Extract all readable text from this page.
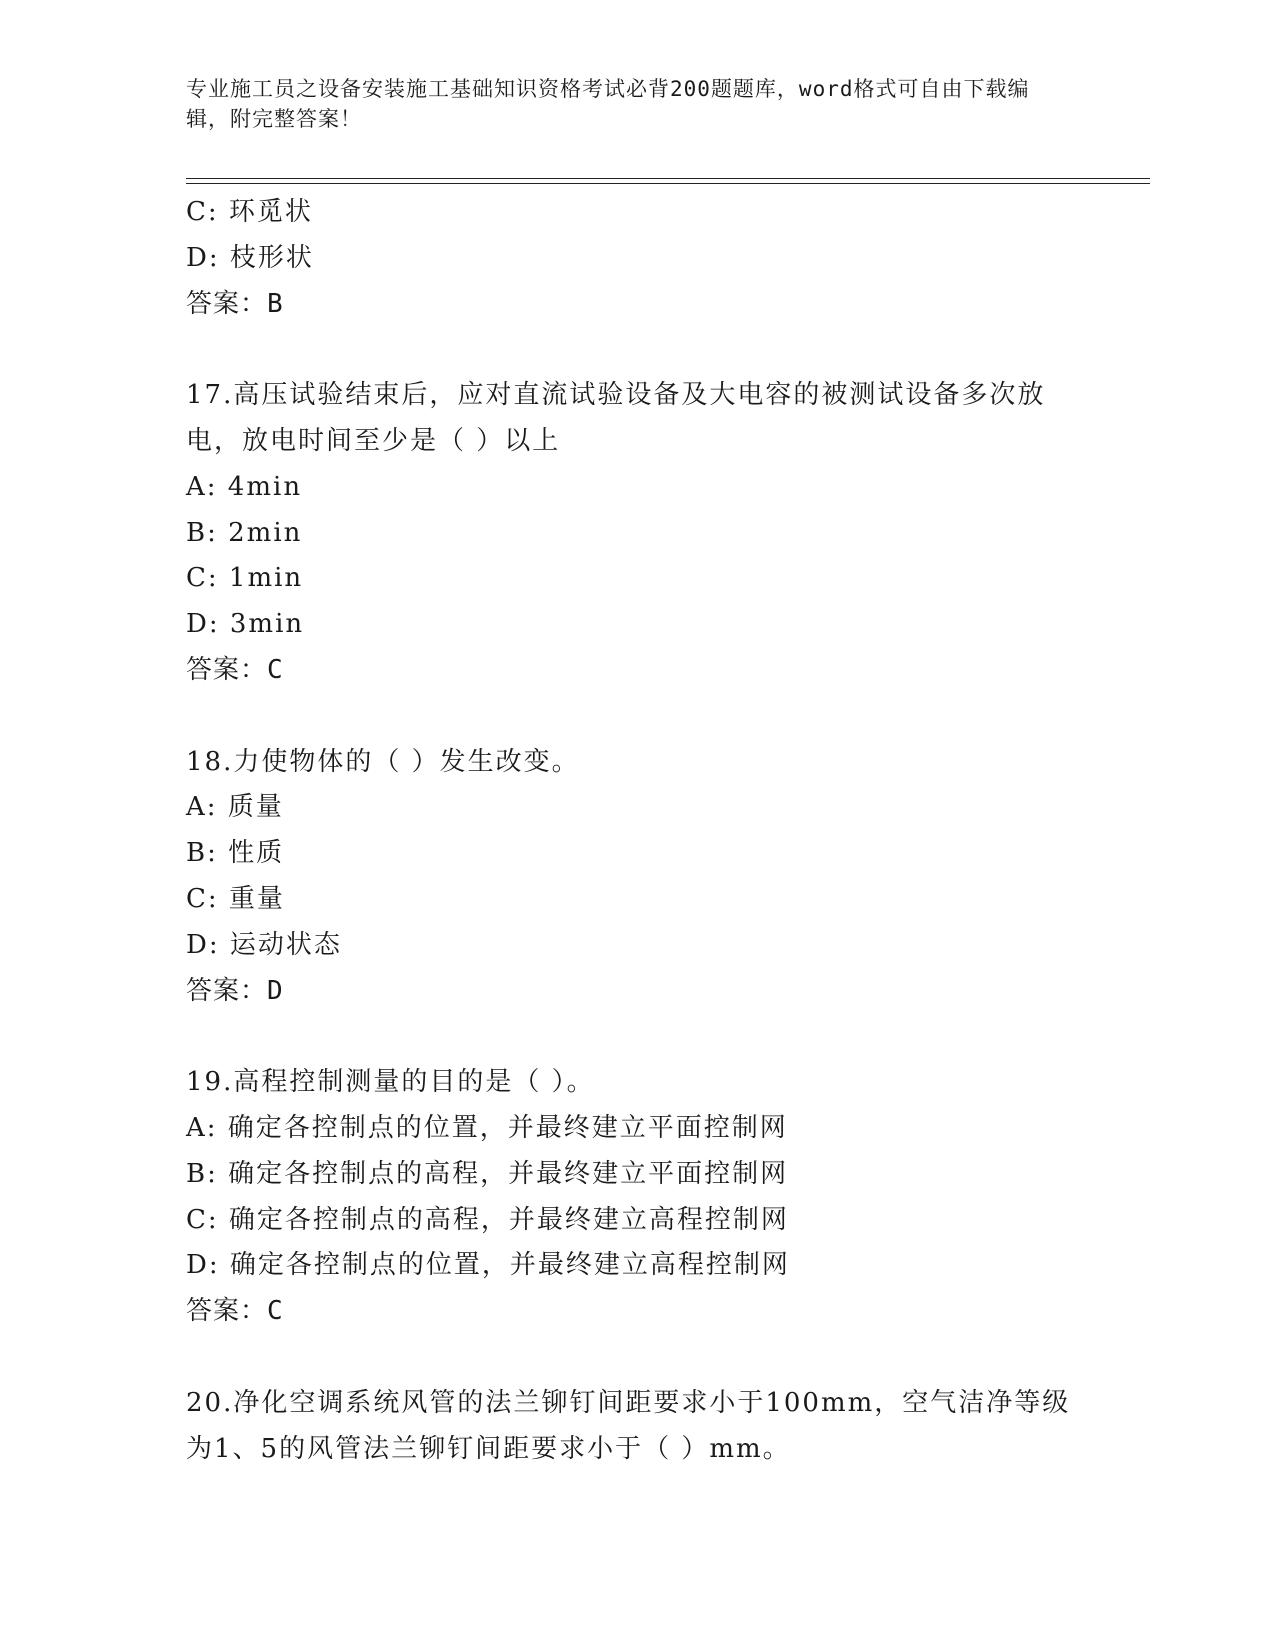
专业施工员之设备安装施工基础知识资格考试必背200题题库，word格式可自由下载编辑，附完整答案！
C: 环觅状
D: 枝形状
答案：B
17.高压试验结束后，应对直流试验设备及大电容的被测试设备多次放
电，放电时间至少是（ ）以上
A: 4min
B: 2min
C: 1min
D: 3min
答案：C
18.力使物体的（ ）发生改变。
A: 质量
B: 性质
C: 重量
D: 运动状态
答案：D
19.高程控制测量的目的是（ ）。
A: 确定各控制点的位置，并最终建立平面控制网
B: 确定各控制点的高程，并最终建立平面控制网
C: 确定各控制点的高程，并最终建立高程控制网
D: 确定各控制点的位置，并最终建立高程控制网
答案：C
20.净化空调系统风管的法兰铆钉间距要求小于100mm，空气洁净等级
为1、5的风管法兰铆钉间距要求小于（ ）mm。
